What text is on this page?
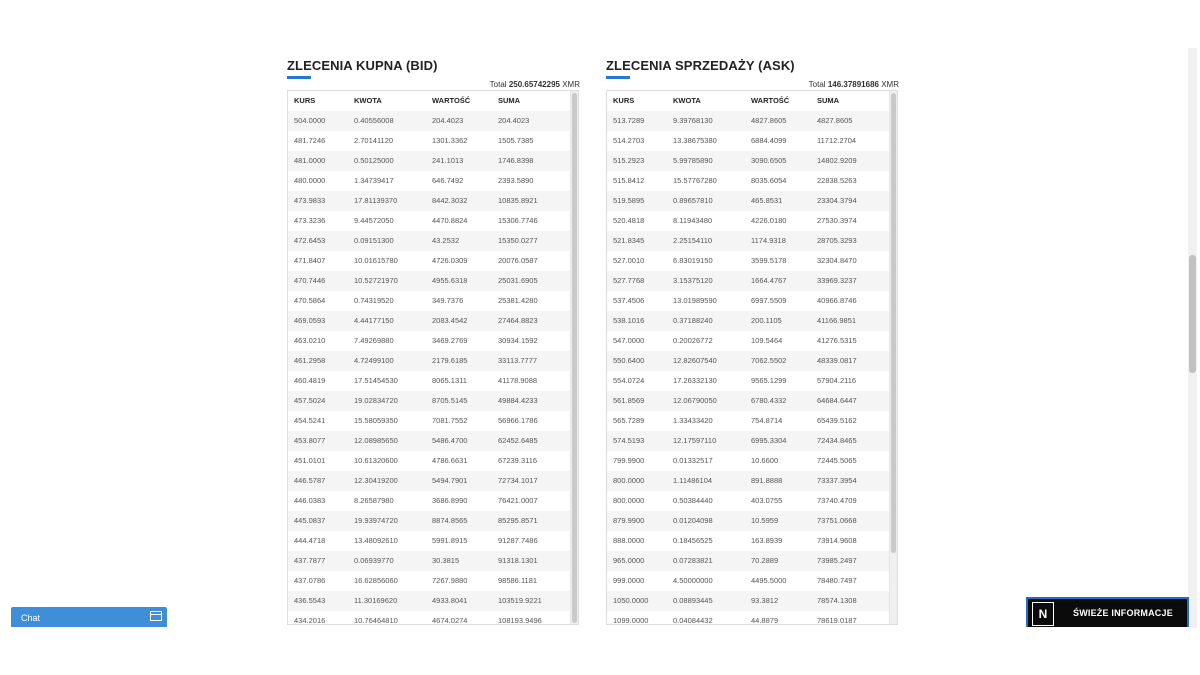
ZLECENIA KUPNA (BID)
Total 250.65742295 XMR
KURS	KWOTA	WARTOŚĆ	SUMA
504.0000	0.40556008	204.4023	204.4023
481.7246	2.70141120	1301.3362	1505.7385
481.0000	0.50125000	241.1013	1746.8398
480.0000	1.34739417	646.7492	2393.5890
473.9833	17.81139370	8442.3032	10835.8921
473.3236	9.44572050	4470.8824	15306.7746
472.6453	0.09151300	43.2532	15350.0277
471.8407	10.01615780	4726.0309	20076.0587
470.7446	10.52721970	4955.6318	25031.6905
470.5864	0.74319520	349.7376	25381.4280
469.0593	4.44177150	2083.4542	27464.8823
463.0210	7.49269880	3469.2769	30934.1592
461.2958	4.72499100	2179.6185	33113.7777
460.4819	17.51454530	8065.1311	41178.9088
457.5024	19.02834720	8705.5145	49884.4233
454.5241	15.58059350	7081.7552	56966.1786
453.8077	12.08985650	5486.4700	62452.6485
451.0101	10.61320600	4786.6631	67239.3116
446.5787	12.30419200	5494.7901	72734.1017
446.0383	8.26587980	3686.8990	76421.0007
445.0837	19.93974720	8874.8565	85295.8571
444.4718	13.48092610	5991.8915	91287.7486
437.7877	0.06939770	30.3815	91318.1301
437.0786	16.62856060	7267.9880	98586.1181
436.5543	11.30169620	4933.8041	103519.9221
434.2016	10.76464810	4674.0274	108193.9496
ZLECENIA SPRZEDAŻY (ASK)
Total 146.37891686 XMR
KURS	KWOTA	WARTOŚĆ	SUMA
513.7289	9.39768130	4827.8605	4827.8605
514.2703	13.38675380	6884.4099	11712.2704
515.2923	5.99785890	3090.6505	14802.9209
515.8412	15.57767280	8035.6054	22838.5263
519.5895	0.89657810	465.8531	23304.3794
520.4818	8.11943480	4226.0180	27530.3974
521.8345	2.25154110	1174.9318	28705.3293
527.0010	6.83019150	3599.5178	32304.8470
527.7768	3.15375120	1664.4767	33969.3237
537.4506	13.01989590	6997.5509	40966.8746
538.1016	0.37188240	200.1105	41166.9851
547.0000	0.20026772	109.5464	41276.5315
550.6400	12.82607540	7062.5502	48339.0817
554.0724	17.26332130	9565.1299	57904.2116
561.8569	12.06790050	6780.4332	64684.6447
565.7289	1.33433420	754.8714	65439.5162
574.5193	12.17597110	6995.3304	72434.8465
799.9900	0.01332517	10.6600	72445.5065
800.0000	1.11486104	891.8888	73337.3954
800.0000	0.50384440	403.0755	73740.4709
879.9900	0.01204098	10.5959	73751.0668
888.0000	0.18456525	163.8939	73914.9608
965.0000	0.07283821	70.2889	73985.2497
999.0000	4.50000000	4495.5000	78480.7497
1050.0000	0.08893445	93.3812	78574.1308
1099.0000	0.04084432	44.8879	78619.0187
Chat	N	ŚWIEŻE INFORMACJE
